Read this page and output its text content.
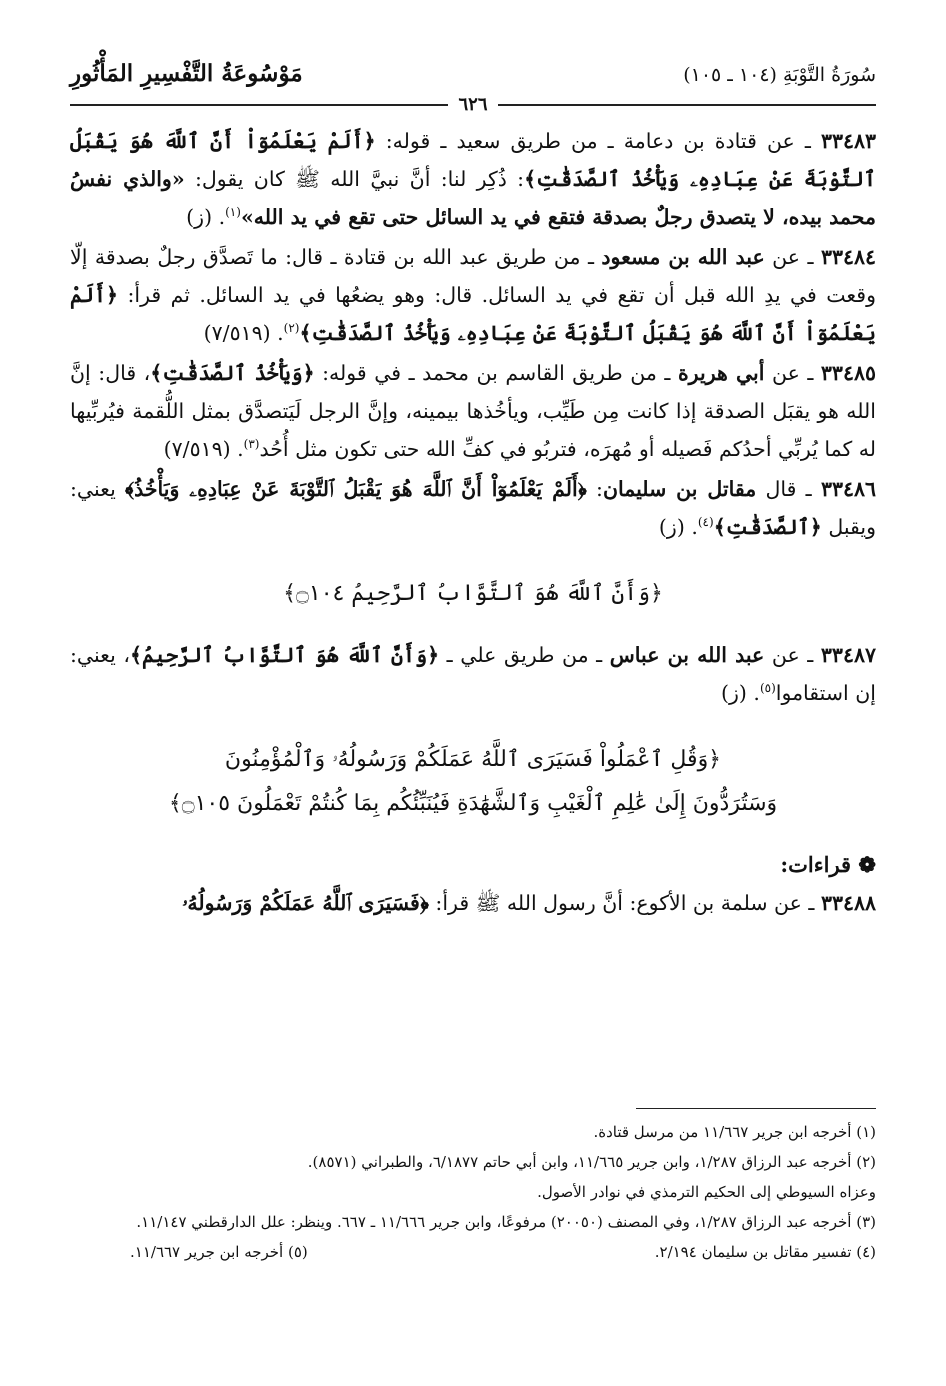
سُورَةُ التَّوْبَةِ (١٠٤ ـ ١٠٥)
مَوْسُوعَةُ التَّفْسِيرِ المَأْثُورِ
٦٢٦

٣٣٤٨٣ ـ عن قتادة بن دعامة ـ من طريق سعيد ـ قوله: ﴿أَلَمْ يَعْلَمُوٓاْ أَنَّ ٱللَّهَ هُوَ يَقْبَلُ ٱلتَّوْبَةَ عَنْ عِبَادِهِۦ وَيَأْخُذُ ٱلصَّدَقَٰتِ﴾: ذُكِر لنا: أنَّ نبيَّ الله ﷺ كان يقول: «والذي نفسُ محمد بيده، لا يتصدق رجلٌ بصدقة فتقع في يد السائل حتى تقع في يد الله»$^{(١)}$. (ز)

٣٣٤٨٤ ـ عن عبد الله بن مسعود ـ من طريق عبد الله بن قتادة ـ قال: ما تَصدَّق رجلٌ بصدقة إلّا وقعت في يدِ الله قبل أن تقع في يد السائل. قال: وهو يضعُها في يد السائل. ثم قرأ: ﴿أَلَمْ يَعْلَمُوٓاْ أَنَّ ٱللَّهَ هُوَ يَقْبَلُ ٱلتَّوْبَةَ عَنْ عِبَادِهِۦ وَيَأْخُذُ ٱلصَّدَقَٰتِ﴾$^{(٢)}$. (٧/٥١٩)

٣٣٤٨٥ ـ عن أبي هريرة ـ من طريق القاسم بن محمد ـ في قوله: ﴿وَيَأْخُذُ ٱلصَّدَقَٰتِ﴾، قال: إنَّ الله هو يقبَل الصدقة إذا كانت مِن طَيِّب، ويأخُذها بيمينه، وإنَّ الرجل لَيَتصدَّق بمثل اللُّقمة فيُربِّيها له كما يُربِّي أحدُكم فَصيله أو مُهرَه، فتربُو في كفِّ الله حتى تكون مثل أُحُد$^{(٣)}$. (٧/٥١٩)

٣٣٤٨٦ ـ قال مقاتل بن سليمان: ﴿أَلَمْ يَعْلَمُوٓاْ أَنَّ ٱللَّهَ هُوَ يَقْبَلُ ٱلتَّوْبَةَ عَنْ عِبَادِهِۦ وَيَأْخُذُ﴾ يعني: ويقبل ﴿ٱلصَّدَقَٰتِ﴾$^{(٤)}$. (ز)

﴿وَأَنَّ ٱللَّهَ هُوَ ٱلتَّوَّابُ ٱلرَّحِيمُ ۝١٠٤﴾

٣٣٤٨٧ ـ عن عبد الله بن عباس ـ من طريق علي ـ ﴿وَأَنَّ ٱللَّهَ هُوَ ٱلتَّوَّابُ ٱلرَّحِيمُ﴾، يعني: إن استقاموا$^{(٥)}$. (ز)

﴿وَقُلِ ٱعْمَلُواْ فَسَيَرَى ٱللَّهُ عَمَلَكُمْ وَرَسُولُهُۥ وَٱلْمُؤْمِنُونَ
وَسَتُرَدُّونَ إِلَىٰ عَٰلِمِ ٱلْغَيْبِ وَٱلشَّهَٰدَةِ فَيُنَبِّئُكُم بِمَا كُنتُمْ تَعْمَلُونَ ۝١٠٥﴾
❁ قراءات:

٣٣٤٨٨ ـ عن سلمة بن الأكوع: أنَّ رسول الله ﷺ قرأ: ﴿فَسَيَرَى ٱللَّهُ عَمَلَكُمْ وَرَسُولُهُۥ

(١) أخرجه ابن جرير ١١/٦٦٧ من مرسل قتادة.

(٢) أخرجه عبد الرزاق ١/٢٨٧، وابن جرير ١١/٦٦٥، وابن أبي حاتم ٦/١٨٧٧، والطبراني (٨٥٧١).

وعزاه السيوطي إلى الحكيم الترمذي في نوادر الأصول.

(٣) أخرجه عبد الرزاق ١/٢٨٧، وفي المصنف (٢٠٠٥٠) مرفوعًا، وابن جرير ١١/٦٦٦ ـ ٦٦٧. وينظر: علل الدارقطني ١١/١٤٧.

(٤) تفسير مقاتل بن سليمان ٢/١٩٤.
(٥) أخرجه ابن جرير ١١/٦٦٧.
